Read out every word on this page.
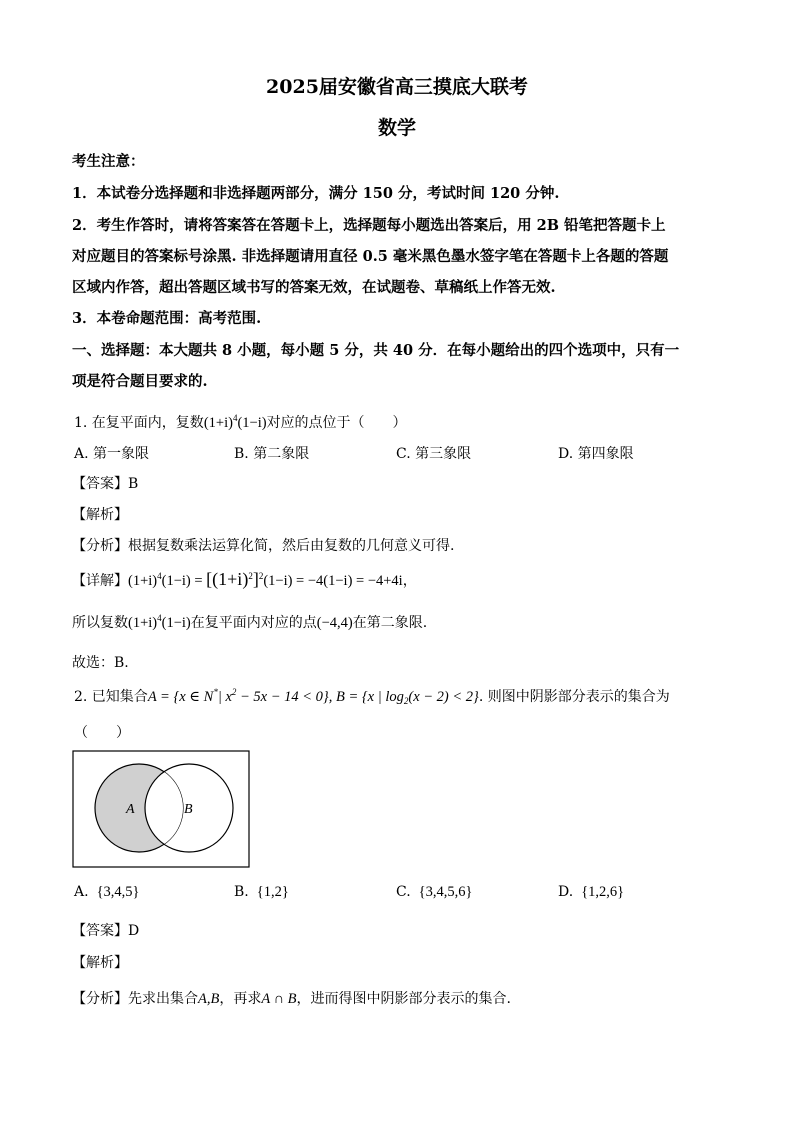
2025届安徽省高三摸底大联考
数学
考生注意：
1．本试卷分选择题和非选择题两部分，满分 150 分，考试时间 120 分钟.
2．考生作答时，请将答案答在答题卡上，选择题每小题选出答案后，用 2B 铅笔把答题卡上
对应题目的答案标号涂黑. 非选择题请用直径 0.5 毫米黑色墨水签字笔在答题卡上各题的答题
区域内作答，超出答题区域书写的答案无效，在试题卷、草稿纸上作答无效.
3．本卷命题范围：高考范围.
一、选择题：本大题共 8 小题，每小题 5 分，共 40 分．在每小题给出的四个选项中，只有一
项是符合题目要求的.
1. 在复平面内，复数$(1+i)^4(1-i)$对应的点位于（　　）
A. 第一象限	B. 第二象限	C. 第三象限	D. 第四象限
【答案】B
【解析】
【分析】根据复数乘法运算化简，然后由复数的几何意义可得.
【详解】$(1+i)^4(1-i) = [(1+i)^2]^2(1-i) = -4(1-i) = -4+4i$，
所以复数$(1+i)^4(1-i)$在复平面内对应的点(−4,4)在第二象限.
故选：B.
2. 已知集合A = {x ∈ N*| $x^2 - 5x - 14 < 0$}, B = {x | $\log_2(x - 2) < 2$}. 则图中阴影部分表示的集合为
（　　）
A	B
A. {3,4,5}	B. {1,2}	C. {3,4,5,6}	D. {1,2,6}
【答案】D
【解析】
【分析】先求出集合A,B，再求A ∩ B，进而得图中阴影部分表示的集合.
